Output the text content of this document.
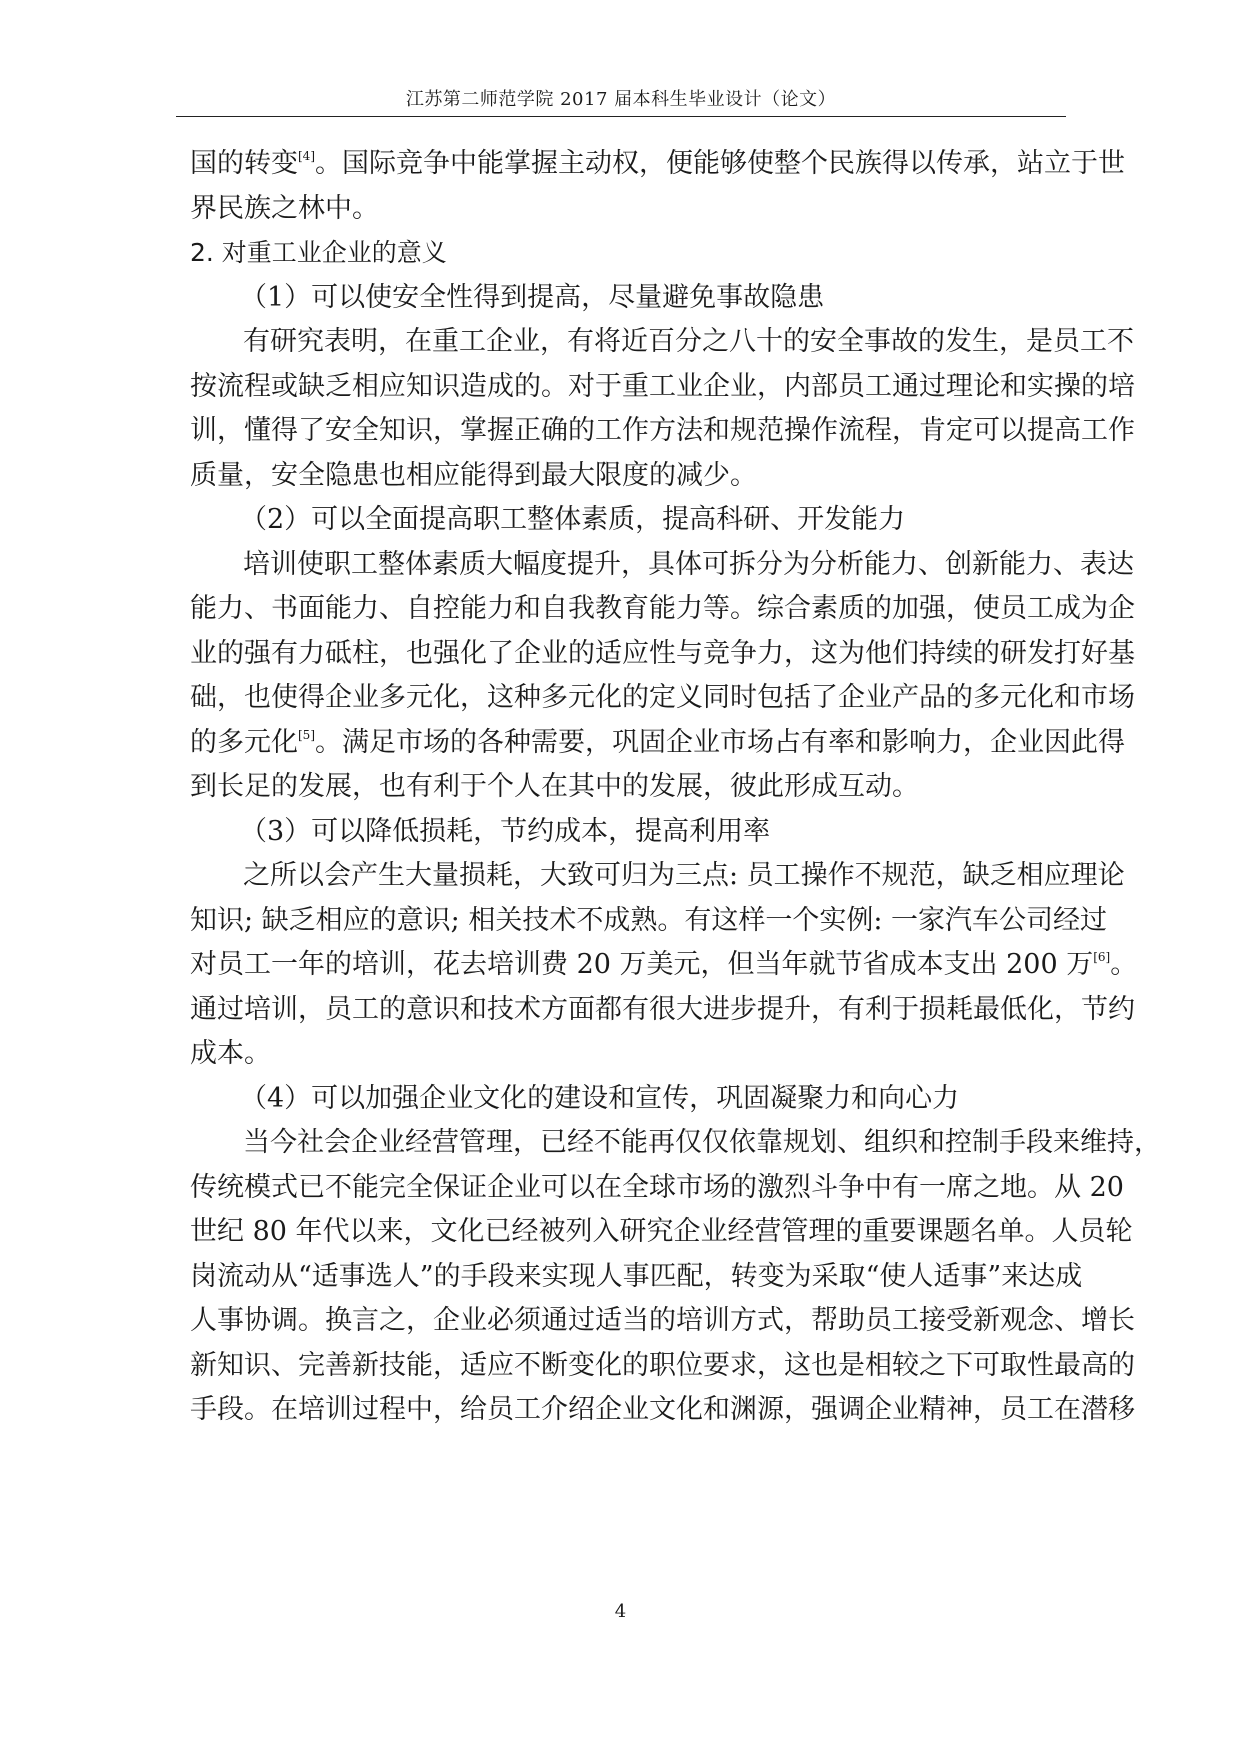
江苏第二师范学院 2017 届本科生毕业设计（论文）
国的转变[4]。国际竞争中能掌握主动权，便能够使整个民族得以传承，站立于世
界民族之林中。
2. 对重工业企业的意义
（1）可以使安全性得到提高，尽量避免事故隐患
有研究表明，在重工企业，有将近百分之八十的安全事故的发生，是员工不
按流程或缺乏相应知识造成的。对于重工业企业，内部员工通过理论和实操的培
训，懂得了安全知识，掌握正确的工作方法和规范操作流程，肯定可以提高工作
质量，安全隐患也相应能得到最大限度的减少。
（2）可以全面提高职工整体素质，提高科研、开发能力
培训使职工整体素质大幅度提升，具体可拆分为分析能力、创新能力、表达
能力、书面能力、自控能力和自我教育能力等。综合素质的加强，使员工成为企
业的强有力砥柱，也强化了企业的适应性与竞争力，这为他们持续的研发打好基
础，也使得企业多元化，这种多元化的定义同时包括了企业产品的多元化和市场
的多元化[5]。满足市场的各种需要，巩固企业市场占有率和影响力，企业因此得
到长足的发展，也有利于个人在其中的发展，彼此形成互动。
（3）可以降低损耗，节约成本，提高利用率
之所以会产生大量损耗，大致可归为三点: 员工操作不规范，缺乏相应理论
知识; 缺乏相应的意识; 相关技术不成熟。有这样一个实例: 一家汽车公司经过
对员工一年的培训，花去培训费 20 万美元，但当年就节省成本支出 200 万[6]。
通过培训，员工的意识和技术方面都有很大进步提升，有利于损耗最低化，节约
成本。
（4）可以加强企业文化的建设和宣传，巩固凝聚力和向心力
当今社会企业经营管理，已经不能再仅仅依靠规划、组织和控制手段来维持，
传统模式已不能完全保证企业可以在全球市场的激烈斗争中有一席之地。从 20
世纪 80 年代以来，文化已经被列入研究企业经营管理的重要课题名单。人员轮
岗流动从“适事选人”的手段来实现人事匹配，转变为采取“使人适事”来达成
人事协调。换言之，企业必须通过适当的培训方式，帮助员工接受新观念、增长
新知识、完善新技能，适应不断变化的职位要求，这也是相较之下可取性最高的
手段。在培训过程中，给员工介绍企业文化和渊源，强调企业精神，员工在潜移
4
